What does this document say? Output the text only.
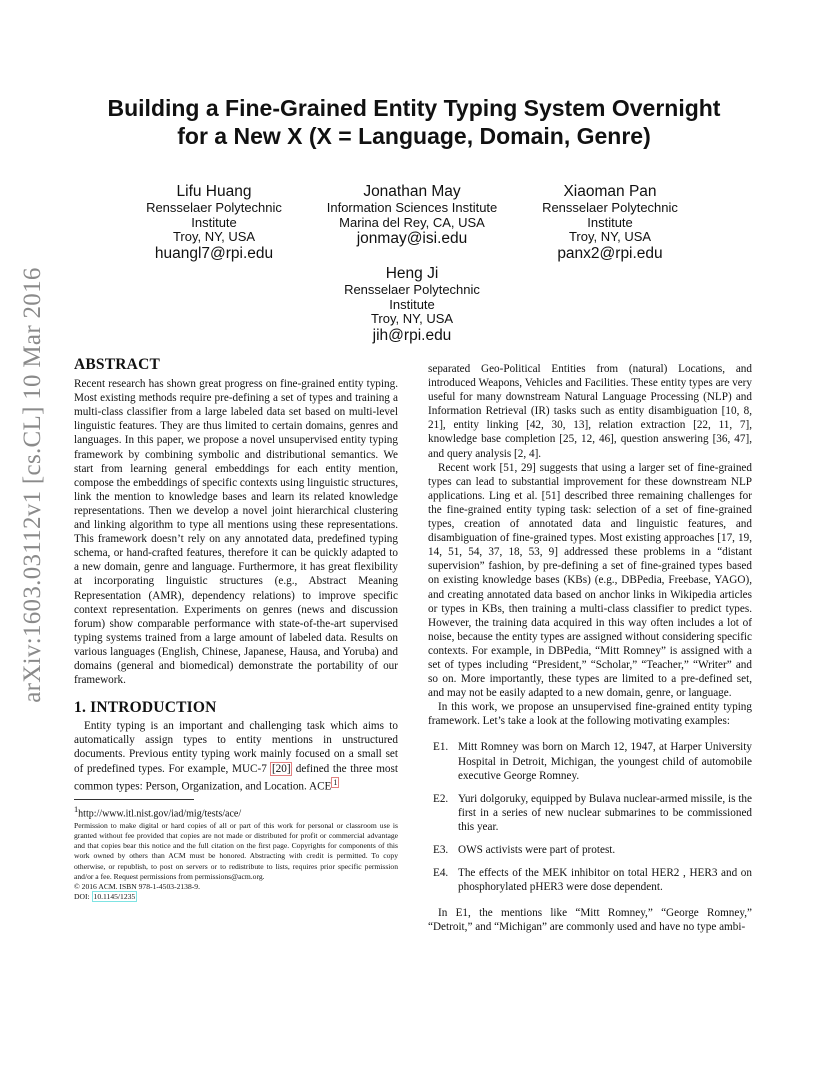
arXiv:1603.03112v1 [cs.CL] 10 Mar 2016
Building a Fine-Grained Entity Typing System Overnight
for a New X (X = Language, Domain, Genre)
Lifu Huang
Rensselaer Polytechnic
Institute
Troy, NY, USA
huangl7@rpi.edu
Jonathan May
Information Sciences Institute
Marina del Rey, CA, USA
jonmay@isi.edu
Xiaoman Pan
Rensselaer Polytechnic
Institute
Troy, NY, USA
panx2@rpi.edu
Heng Ji
Rensselaer Polytechnic
Institute
Troy, NY, USA
jih@rpi.edu
ABSTRACT

Recent research has shown great progress on fine-grained entity typing. Most existing methods require pre-defining a set of types and training a multi-class classifier from a large labeled data set based on multi-level linguistic features. They are thus limited to certain domains, genres and languages. In this paper, we propose a novel unsupervised entity typing framework by combining symbolic and distributional semantics. We start from learning general embeddings for each entity mention, compose the embeddings of specific contexts using linguistic structures, link the mention to knowledge bases and learn its related knowledge representations. Then we develop a novel joint hierarchical clustering and linking algorithm to type all mentions using these representations. This framework doesn’t rely on any annotated data, predefined typing schema, or hand-crafted features, therefore it can be quickly adapted to a new domain, genre and language. Furthermore, it has great flexibility at incorporating linguistic structures (e.g., Abstract Meaning Representation (AMR), dependency relations) to improve specific context representation. Experiments on genres (news and discussion forum) show comparable performance with state-of-the-art supervised typing systems trained from a large amount of labeled data. Results on various languages (English, Chinese, Japanese, Hausa, and Yoruba) and domains (general and biomedical) demonstrate the portability of our framework.

1. INTRODUCTION

Entity typing is an important and challenging task which aims to automatically assign types to entity mentions in unstructured documents. Previous entity typing work mainly focused on a small set of predefined types. For example, MUC-7 [20] defined the three most common types: Person, Organization, and Location. ACE $^1$

$^1$http://www.itl.nist.gov/iad/mig/tests/ace/

Permission to make digital or hard copies of all or part of this work for personal or classroom use is granted without fee provided that copies are not made or distributed for profit or commercial advantage and that copies bear this notice and the full citation on the first page. Copyrights for components of this work owned by others than ACM must be honored. Abstracting with credit is permitted. To copy otherwise, or republish, to post on servers or to redistribute to lists, requires prior specific permission and/or a fee. Request permissions from permissions@acm.org.

© 2016 ACM. ISBN 978-1-4503-2138-9.
DOI: 10.1145/1235

separated Geo-Political Entities from (natural) Locations, and introduced Weapons, Vehicles and Facilities. These entity types are very useful for many downstream Natural Language Processing (NLP) and Information Retrieval (IR) tasks such as entity disambiguation [10, 8, 21], entity linking [42, 30, 13], relation extraction [22, 11, 7], knowledge base completion [25, 12, 46], question answering [36, 47], and query analysis [2, 4].

Recent work [51, 29] suggests that using a larger set of fine-grained types can lead to substantial improvement for these downstream NLP applications. Ling et al. [51] described three remaining challenges for the fine-grained entity typing task: selection of a set of fine-grained types, creation of annotated data and linguistic features, and disambiguation of fine-grained types. Most existing approaches [17, 19, 14, 51, 54, 37, 18, 53, 9] addressed these problems in a “distant supervision” fashion, by pre-defining a set of fine-grained types based on existing knowledge bases (KBs) (e.g., DBPedia, Freebase, YAGO), and creating annotated data based on anchor links in Wikipedia articles or types in KBs, then training a multi-class classifier to predict types. However, the training data acquired in this way often includes a lot of noise, because the entity types are assigned without considering specific contexts. For example, in DBPedia, “Mitt Romney” is assigned with a set of types including “President,” “Scholar,” “Teacher,” “Writer” and so on. More importantly, these types are limited to a pre-defined set, and may not be easily adapted to a new domain, genre, or language.

In this work, we propose an unsupervised fine-grained entity typing framework. Let’s take a look at the following motivating examples:

E1. Mitt Romney was born on March 12, 1947, at Harper University Hospital in Detroit, Michigan, the youngest child of automobile executive George Romney.
E2. Yuri dolgoruky, equipped by Bulava nuclear-armed missile, is the first in a series of new nuclear submarines to be commissioned this year.
E3. OWS activists were part of protest.
E4. The effects of the MEK inhibitor on total HER2 , HER3 and on phosphorylated pHER3 were dose dependent.

In E1, the mentions like “Mitt Romney,” “George Romney,” “Detroit,” and “Michigan” are commonly used and have no type ambi-
